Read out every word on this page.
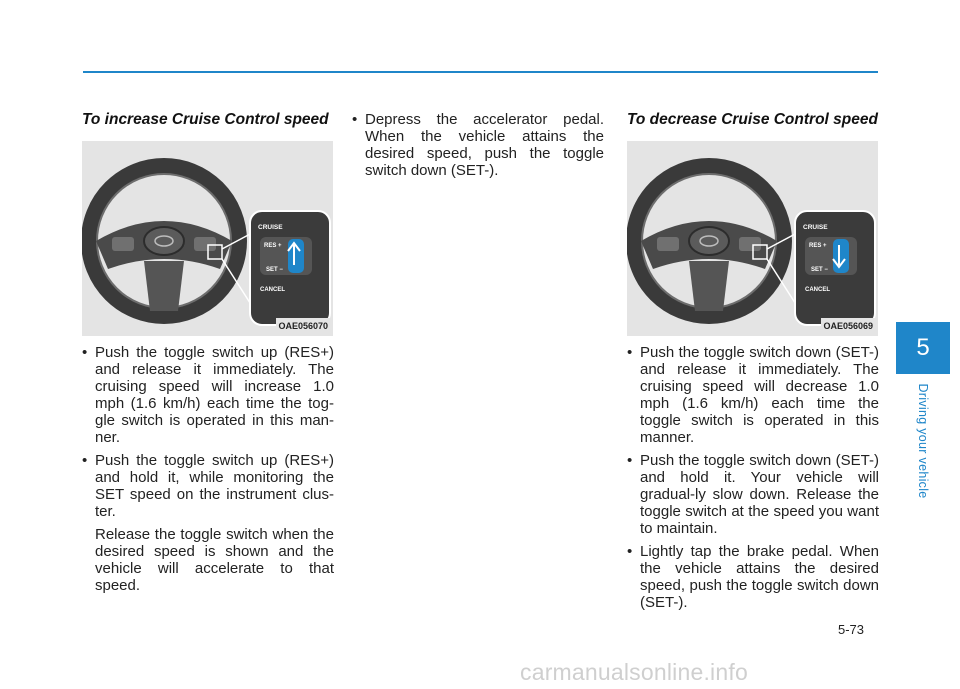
To increase Cruise Control speed
CRUISE
RES +
SET −
CANCEL
OAE056070
• Push the toggle switch up (RES+) and release it immediately. The cruising speed will increase 1.0 mph (1.6 km/h) each time the tog-gle switch is operated in this man-ner.
• Push the toggle switch up (RES+) and hold it, while monitoring the SET speed on the instrument clus-ter.

Release the toggle switch when the desired speed is shown and the vehicle will accelerate to that speed.

• Depress the accelerator pedal. When the vehicle attains the desired speed, push the toggle switch down (SET-).
To decrease Cruise Control speed
CRUISE
RES +
SET −
CANCEL
OAE056069
• Push the toggle switch down (SET-) and release it immediately. The cruising speed will decrease 1.0 mph (1.6 km/h) each time the toggle switch is operated in this manner.
• Push the toggle switch down (SET-) and hold it. Your vehicle will gradual-ly slow down. Release the toggle switch at the speed you want to maintain.
• Lightly tap the brake pedal. When the vehicle attains the desired speed, push the toggle switch down (SET-).
5
Driving your vehicle
5-73
carmanualsonline.info
